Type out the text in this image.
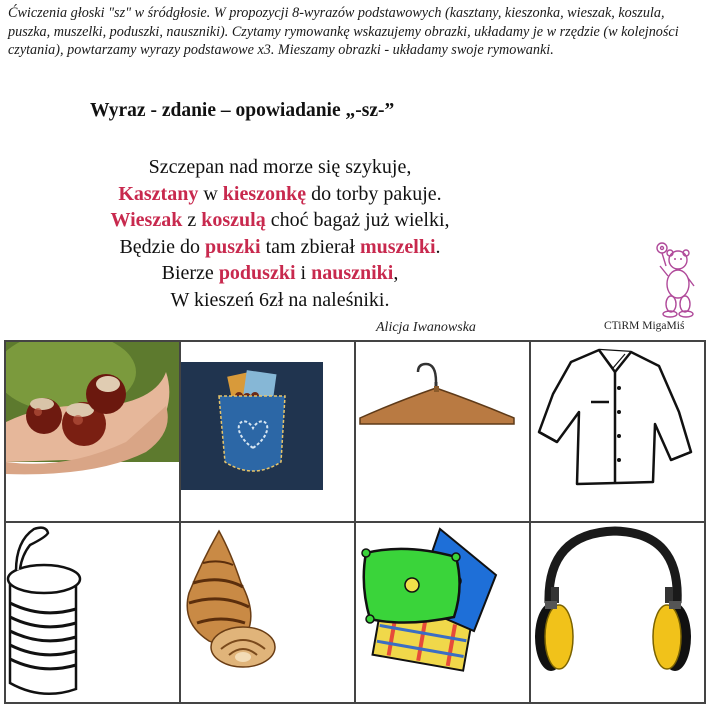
Ćwiczenia głoski "sz" w śródgłosie. W propozycji 8-wyrazów podstawowych (kasztany, kieszonka, wieszak, koszula, puszka, muszelki, poduszki, nauszniki). Czytamy rymowankę wskazujemy obrazki, układamy je w rzędzie (w kolejności czytania), powtarzamy wyrazy podstawowe x3. Mieszamy obrazki - układamy swoje rymowanki.
Wyraz - zdanie – opowiadanie „-sz-”
Szczepan nad morze się szykuje,
Kasztany w kieszonkę do torby pakuje.
Wieszak z koszulą choć bagaż już wielki,
Będzie do puszki tam zbierał muszelki.
Bierze poduszki i nauszniki,
W kieszeń 6zł na naleśniki.
Alicja Iwanowska	CTiRM MigaMiś
